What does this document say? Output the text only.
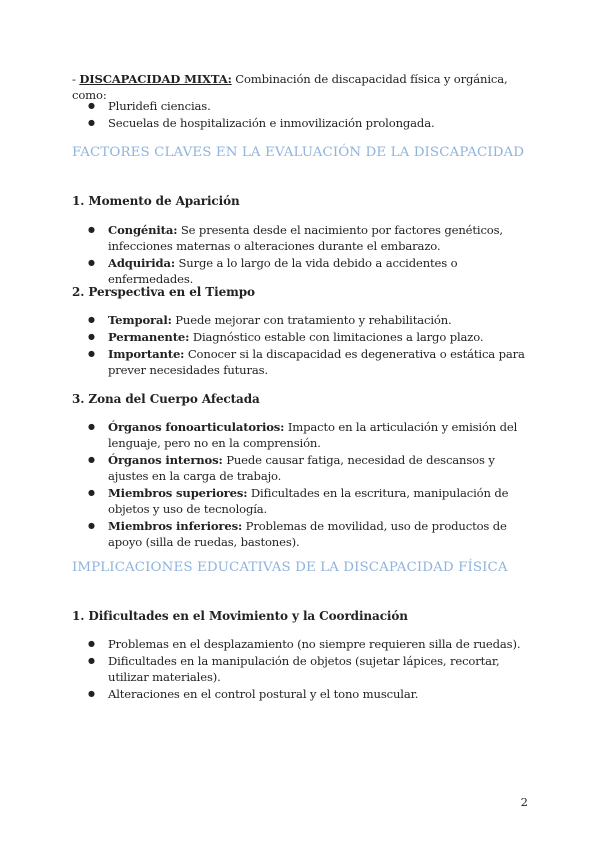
- DISCAPACIDAD MIXTA: Combinación de discapacidad física y orgánica, como:
● Pluridefi ciencias.
● Secuelas de hospitalización e inmovilización prolongada.
FACTORES CLAVES EN LA EVALUACIÓN DE LA DISCAPACIDAD
1. Momento de Aparición
● Congénita: Se presenta desde el nacimiento por factores genéticos, infecciones maternas o alteraciones durante el embarazo.
● Adquirida: Surge a lo largo de la vida debido a accidentes o enfermedades.
2. Perspectiva en el Tiempo
● Temporal: Puede mejorar con tratamiento y rehabilitación.
● Permanente: Diagnóstico estable con limitaciones a largo plazo.
● Importante: Conocer si la discapacidad es degenerativa o estática para prever necesidades futuras.
3. Zona del Cuerpo Afectada
● Órganos fonoarticulatorios: Impacto en la articulación y emisión del lenguaje, pero no en la comprensión.
● Órganos internos: Puede causar fatiga, necesidad de descansos y ajustes en la carga de trabajo.
● Miembros superiores: Dificultades en la escritura, manipulación de objetos y uso de tecnología.
● Miembros inferiores: Problemas de movilidad, uso de productos de apoyo (silla de ruedas, bastones).
IMPLICACIONES EDUCATIVAS DE LA DISCAPACIDAD FÍSICA
1. Dificultades en el Movimiento y la Coordinación
● Problemas en el desplazamiento (no siempre requieren silla de ruedas).
● Dificultades en la manipulación de objetos (sujetar lápices, recortar, utilizar materiales).
● Alteraciones en el control postural y el tono muscular.
2
